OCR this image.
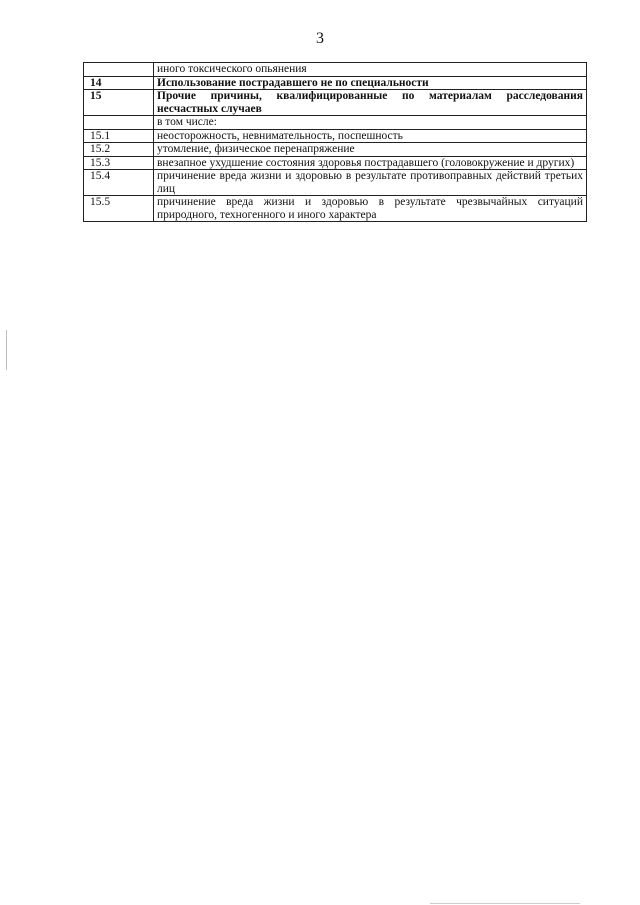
3
	иного токсического опьянения
14	Использование пострадавшего не по специальности
15	Прочие причины, квалифицированные по материалам расследования несчастных случаев
	в том числе:
15.1	неосторожность, невнимательность, поспешность
15.2	утомление, физическое перенапряжение
15.3	внезапное ухудшение состояния здоровья пострадавшего (головокружение и других)
15.4	причинение вреда жизни и здоровью в результате противоправных действий третьих лиц
15.5	причинение вреда жизни и здоровью в результате чрезвычайных ситуаций природного, техногенного и иного характера
